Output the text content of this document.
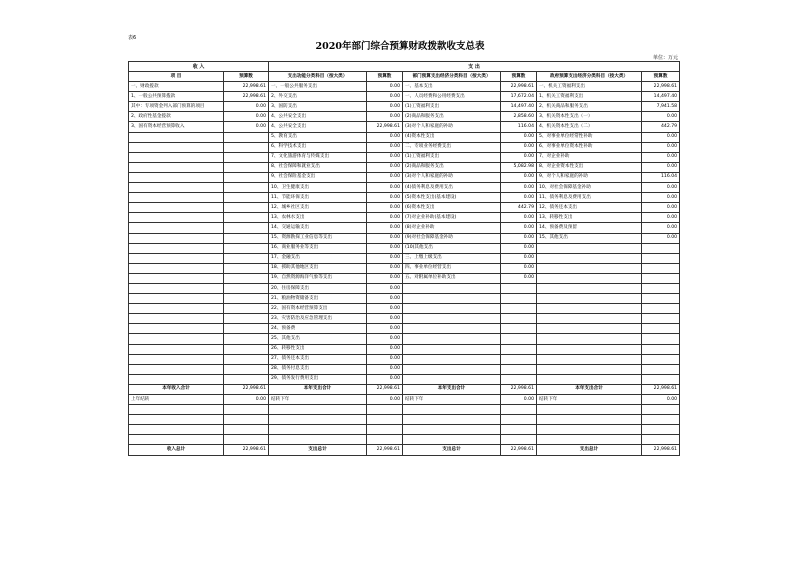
表6
2020年部门综合预算财政拨款收支总表
单位：万元
收 入		支 出					
项 目	预算数	支出功能分类科目（按大类）	预算数	部门预算支出经济分类科目（按大类）	预算数	政府预算支出经济分类科目（按大类）	预算数
一、财政拨款	22,998.61	一、一般公共服务支出	0.00	一、基本支出	22,998.61	一、机关工资福利支出	22,998.61
1、一般公共预算拨款	22,998.61	2、外交支出	0.00	一、人员经费和公用经费支出	17,672.04	1、机关工资福利支出	14,497.40
其中：专项资金列入部门预算的项目	0.00	3、国防支出	0.00	(1)工资福利支出	14,497.40	2、机关商品和服务支出	7,941.58
2、政府性基金拨款	0.00	4、公共安全支出	0.00	(2)商品和服务支出	2,858.60	3、机关资本性支出（一）	0.00
3、国有资本经营预算收入	0.00	4、公共安全支出	22,998.61	(3)对个人和家庭的补助	116.04	4、机关资本性支出（二）	442.79
		5、教育支出	0.00	(4)资本性支出	0.00	5、对事业单位经常性补助	0.00
		6、科学技术支出	0.00	二、专项业务经费支出	0.00	6、对事业单位资本性补助	0.00
		7、文化旅游体育与传媒支出	0.00	(1)工资福利支出	0.00	7、对企业补助	0.00
		8、社会保障和就业支出	0.00	(2)商品和服务支出	5,082.98	8、对企业资本性支出	0.00
		9、社会保险基金支出	0.00	(3)对个人和家庭的补助	0.00	9、对个人和家庭的补助	116.04
		10、卫生健康支出	0.00	(4)债务利息及费用支出	0.00	10、对社会保障基金补助	0.00
		11、节能环保支出	0.00	(5)资本性支出(基本建设)	0.00	11、债务利息及费用支出	0.00
		12、城乡社区支出	0.00	(6)资本性支出	442.79	12、债务还本支出	0.00
		13、农林水支出	0.00	(7)对企业补助(基本建设)	0.00	13、转移性支出	0.00
		14、交通运输支出	0.00	(8)对企业补助	0.00	14、预备费及预留	0.00
		15、资源勘探工业信息等支出	0.00	(9)对社会保障基金补助	0.00	15、其他支出	0.00
		16、商业服务业等支出	0.00	(10)其他支出	0.00		
		17、金融支出	0.00	三、上缴上级支出	0.00		
		18、援助其他地区支出	0.00	四、事业单位经营支出	0.00		
		19、自然资源海洋气象等支出	0.00	五、对附属单位补助支出	0.00		
		20、住房保障支出	0.00				
		21、粮油物资储备支出	0.00				
		22、国有资本经营预算支出	0.00				
		23、灾害防治及应急管理支出	0.00				
		24、预备费	0.00				
		25、其他支出	0.00				
		26、转移性支出	0.00				
		27、债务还本支出	0.00				
		28、债务付息支出	0.00				
		29、债务发行费用支出	0.00				
本年收入合计	22,998.61	本年支出合计	22,998.61	本年支出合计	22,998.61	本年支出合计	22,998.61
上年结转	0.00	结转下年	0.00	结转下年	0.00	结转下年	0.00

收入总计	22,998.61	支出总计	22,998.61	支出总计	22,998.61	支出总计	22,998.61
